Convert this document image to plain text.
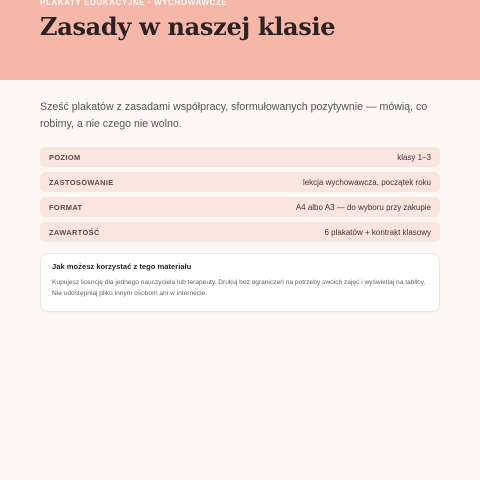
PLAKATY EDUKACYJNE · WYCHOWAWCZE
Zasady w naszej klasie

Sześć plakatów z zasadami współpracy, sformułowanych pozytywnie — mówią, co robimy, a nie czego nie wolno.

POZIOM	klasy 1–3
ZASTOSOWANIE	lekcja wychowawcza, początek roku
FORMAT	A4 albo A3 — do wyboru przy zakupie
ZAWARTOŚĆ	6 plakatów + kontrakt klasowy
Jak możesz korzystać z tego materiału

Kupujesz licencję dla jednego nauczyciela lub terapeuty. Drukuj bez ograniczeń na potrzeby swoich zajęć i wyświetlaj na tablicy. Nie udostępniaj pliku innym osobom ani w internecie.
